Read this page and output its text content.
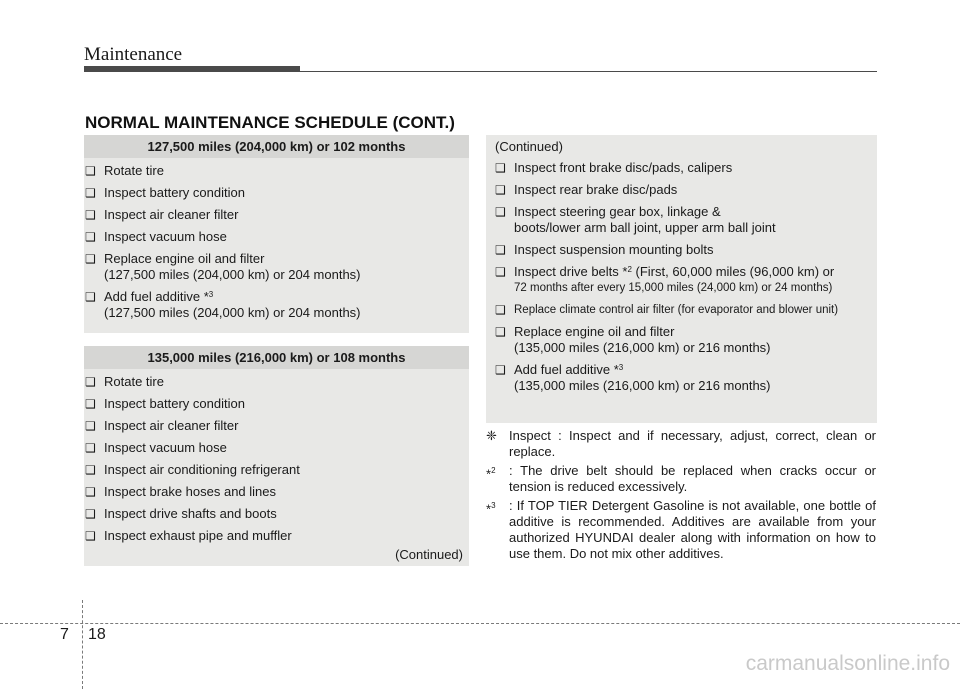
Maintenance
NORMAL MAINTENANCE SCHEDULE (CONT.)
127,500 miles (204,000 km) or 102 months
❑ Rotate tire
❑ Inspect battery condition
❑ Inspect air cleaner filter
❑ Inspect vacuum hose
❑ Replace engine oil and filter
(127,500 miles (204,000 km) or 204 months)
❑ Add fuel additive *$^3$
(127,500 miles (204,000 km) or 204 months)
135,000 miles (216,000 km) or 108 months
❑ Rotate tire
❑ Inspect battery condition
❑ Inspect air cleaner filter
❑ Inspect vacuum hose
❑ Inspect air conditioning refrigerant
❑ Inspect brake hoses and lines
❑ Inspect drive shafts and boots
❑ Inspect exhaust pipe and muffler
(Continued)
(Continued)
❑ Inspect front brake disc/pads, calipers
❑ Inspect rear brake disc/pads
❑ Inspect steering gear box, linkage &
boots/lower arm ball joint, upper arm ball joint
❑ Inspect suspension mounting bolts
❑ Inspect drive belts *$^2$ (First, 60,000 miles (96,000 km) or
72 months after every 15,000 miles (24,000 km) or 24 months)
❑ Replace climate control air filter (for evaporator and blower unit)
❑ Replace engine oil and filter
(135,000 miles (216,000 km) or 216 months)
❑ Add fuel additive *$^3$
(135,000 miles (216,000 km) or 216 months)
❈ Inspect : Inspect and if necessary, adjust, correct, clean or replace.
*$^2$ : The drive belt should be replaced when cracks occur or tension is reduced excessively.
*$^3$ : If TOP TIER Detergent Gasoline is not available, one bottle of additive is recommended. Additives are available from your authorized HYUNDAI dealer along with information on how to use them. Do not mix other additives.
7 18
carmanualsonline.info
